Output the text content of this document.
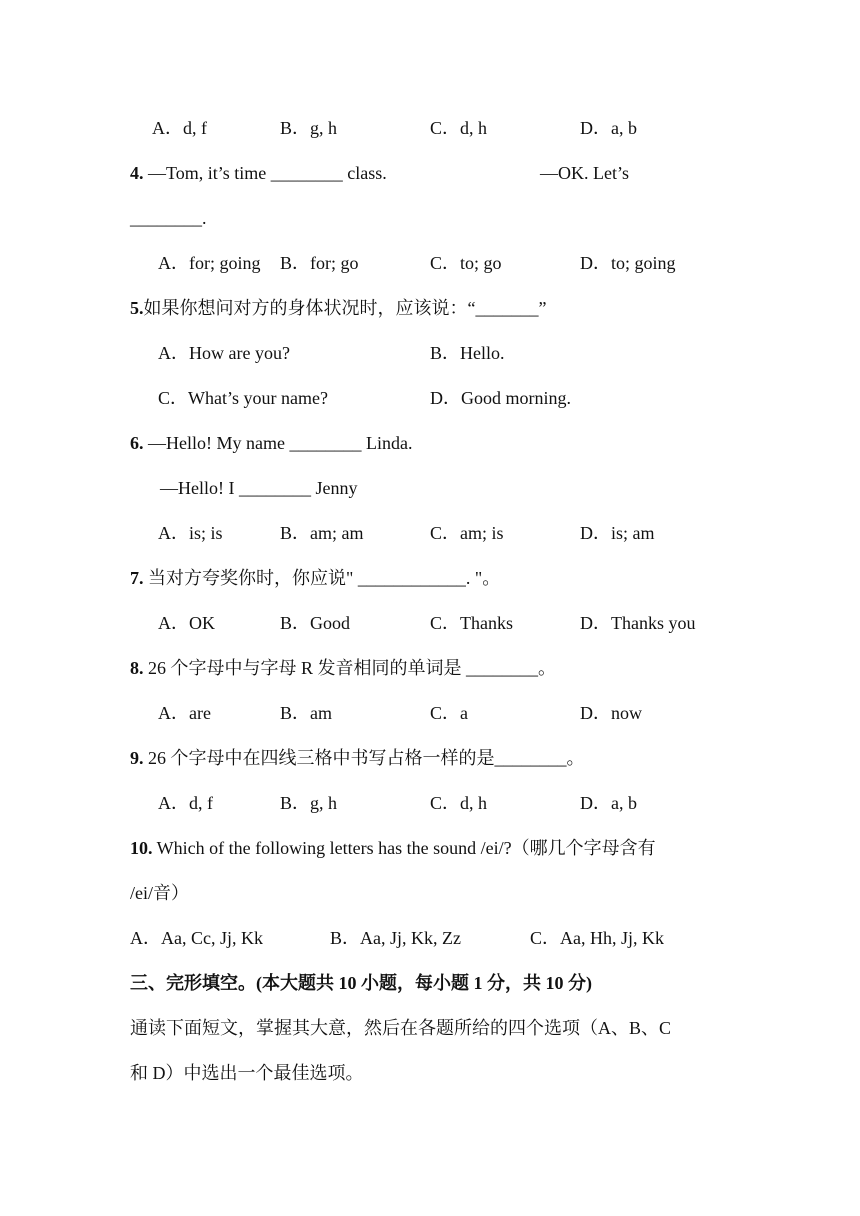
A．d, f	B．g, h	C．d, h	D．a, b
4. —Tom, it’s time ________ class.	—OK. Let’s
________.
A．for; going B．for; go	C．to; go	D．to; going
5.如果你想问对方的身体状况时，应该说：“_______”
A．How are you?	B．Hello.
C．What’s your name?	D．Good morning.
6. —Hello! My name ________ Linda.
—Hello! I ________ Jenny
A．is; is	B．am; am	C．am; is	D．is; am
7. 当对方夸奖你时，你应说" ____________. "。
A．OK	B．Good	C．Thanks	D．Thanks you
8. 26 个字母中与字母 R 发音相同的单词是 ________。
A．are	B．am	C．a	D．now
9. 26 个字母中在四线三格中书写占格一样的是________。
A．d, f	B．g, h	C．d, h	D．a, b
10. Which of the following letters has the sound /ei/?（哪几个字母含有
/ei/音）
A．Aa, Cc, Jj, Kk	B．Aa, Jj, Kk, Zz	C．Aa, Hh, Jj, Kk
三、完形填空。(本大题共 10 小题，每小题 1 分，共 10 分)
通读下面短文，掌握其大意，然后在各题所给的四个选项（A、B、C
和 D）中选出一个最佳选项。
